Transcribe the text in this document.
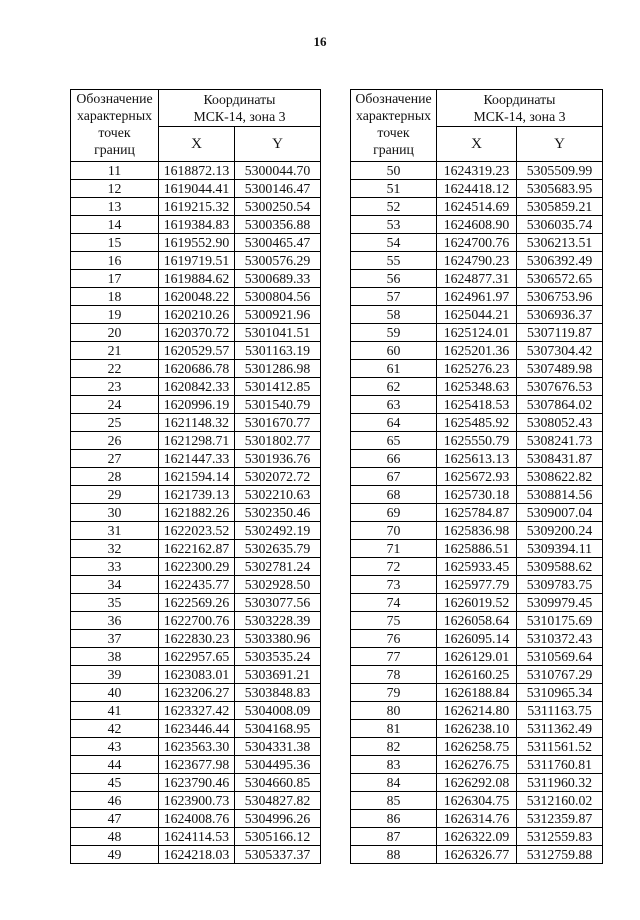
16
Обозначение
характерных
точек
границ	Координаты
МСК-14, зона 3	

	X	Y
11	1618872.13	5300044.70
12	1619044.41	5300146.47
13	1619215.32	5300250.54
14	1619384.83	5300356.88
15	1619552.90	5300465.47
16	1619719.51	5300576.29
17	1619884.62	5300689.33
18	1620048.22	5300804.56
19	1620210.26	5300921.96
20	1620370.72	5301041.51
21	1620529.57	5301163.19
22	1620686.78	5301286.98
23	1620842.33	5301412.85
24	1620996.19	5301540.79
25	1621148.32	5301670.77
26	1621298.71	5301802.77
27	1621447.33	5301936.76
28	1621594.14	5302072.72
29	1621739.13	5302210.63
30	1621882.26	5302350.46
31	1622023.52	5302492.19
32	1622162.87	5302635.79
33	1622300.29	5302781.24
34	1622435.77	5302928.50
35	1622569.26	5303077.56
36	1622700.76	5303228.39
37	1622830.23	5303380.96
38	1622957.65	5303535.24
39	1623083.01	5303691.21
40	1623206.27	5303848.83
41	1623327.42	5304008.09
42	1623446.44	5304168.95
43	1623563.30	5304331.38
44	1623677.98	5304495.36
45	1623790.46	5304660.85
46	1623900.73	5304827.82
47	1624008.76	5304996.26
48	1624114.53	5305166.12
49	1624218.03	5305337.37
Обозначение
характерных
точек
границ	Координаты
МСК-14, зона 3	

	X	Y
50	1624319.23	5305509.99
51	1624418.12	5305683.95
52	1624514.69	5305859.21
53	1624608.90	5306035.74
54	1624700.76	5306213.51
55	1624790.23	5306392.49
56	1624877.31	5306572.65
57	1624961.97	5306753.96
58	1625044.21	5306936.37
59	1625124.01	5307119.87
60	1625201.36	5307304.42
61	1625276.23	5307489.98
62	1625348.63	5307676.53
63	1625418.53	5307864.02
64	1625485.92	5308052.43
65	1625550.79	5308241.73
66	1625613.13	5308431.87
67	1625672.93	5308622.82
68	1625730.18	5308814.56
69	1625784.87	5309007.04
70	1625836.98	5309200.24
71	1625886.51	5309394.11
72	1625933.45	5309588.62
73	1625977.79	5309783.75
74	1626019.52	5309979.45
75	1626058.64	5310175.69
76	1626095.14	5310372.43
77	1626129.01	5310569.64
78	1626160.25	5310767.29
79	1626188.84	5310965.34
80	1626214.80	5311163.75
81	1626238.10	5311362.49
82	1626258.75	5311561.52
83	1626276.75	5311760.81
84	1626292.08	5311960.32
85	1626304.75	5312160.02
86	1626314.76	5312359.87
87	1626322.09	5312559.83
88	1626326.77	5312759.88
